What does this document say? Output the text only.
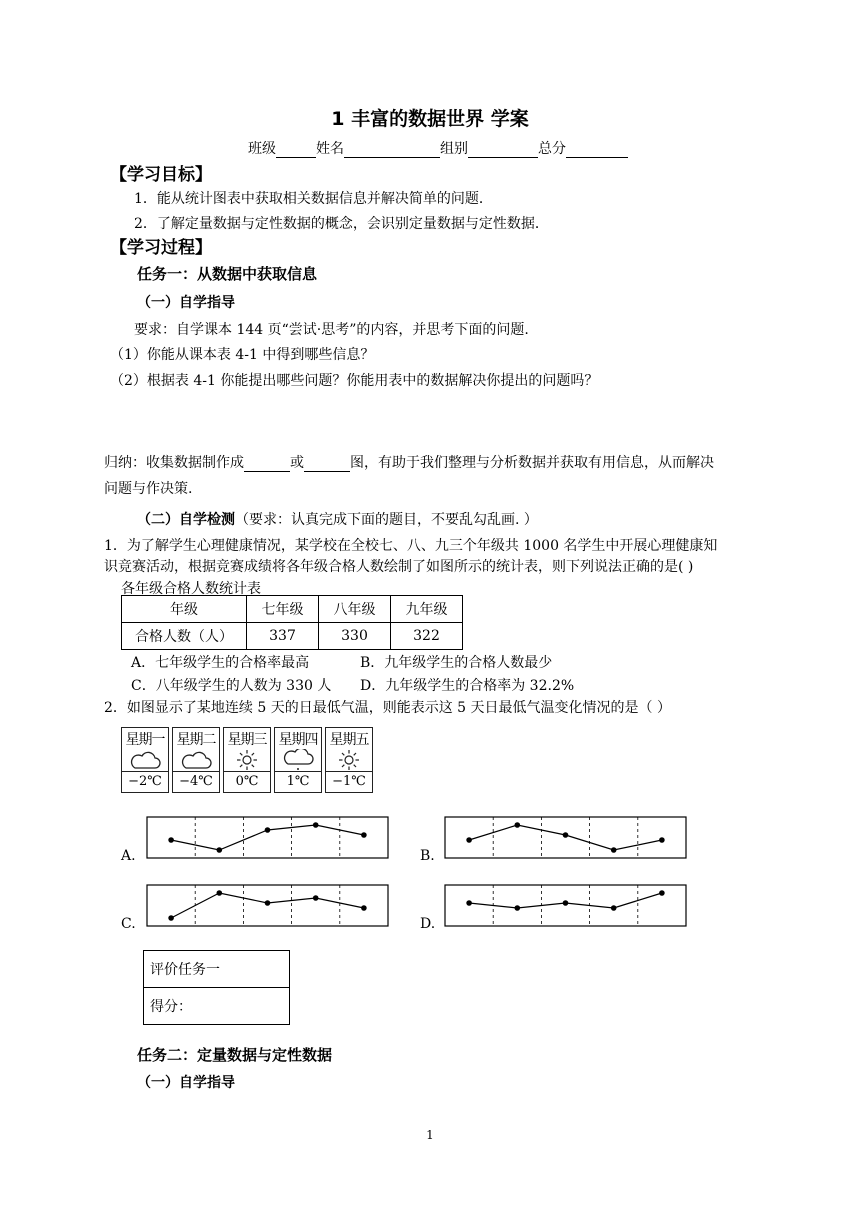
1 丰富的数据世界 学案
班级	姓名	组别	总分
【学习目标】
1．能从统计图表中获取相关数据信息并解决简单的问题．
2．了解定量数据与定性数据的概念，会识别定量数据与定性数据．
【学习过程】
任务一：从数据中获取信息
（一）自学指导
要求：自学课本 144 页“尝试·思考”的内容，并思考下面的问题.
（1）你能从课本表 4-1 中得到哪些信息？
（2）根据表 4-1 你能提出哪些问题？你能用表中的数据解决你提出的问题吗？
归纳：收集数据制作成	或	图，有助于我们整理与分析数据并获取有用信息，从而解决
问题与作决策.
（二）自学检测（要求：认真完成下面的题目，不要乱勾乱画. ）
1．为了解学生心理健康情况，某学校在全校七、八、九三个年级共 1000 名学生中开展心理健康知
识竞赛活动，根据竞赛成绩将各年级合格人数绘制了如图所示的统计表，则下列说法正确的是( )
各年级合格人数统计表
年级	七年级	八年级	九年级
合格人数（人）	337	330	322
A．七年级学生的合格率最高	B．九年级学生的合格人数最少
C．八年级学生的人数为 330 人 D．九年级学生的合格率为 32.2%
2．如图显示了某地连续 5 天的日最低气温，则能表示这 5 天日最低气温变化情况的是（ ）
星期一
−2℃
星期二
−4℃
星期三
0℃
星期四
1℃
星期五
−1℃
A.	B.
C.	D.
评价任务一
得分：
任务二：定量数据与定性数据
（一）自学指导
1
